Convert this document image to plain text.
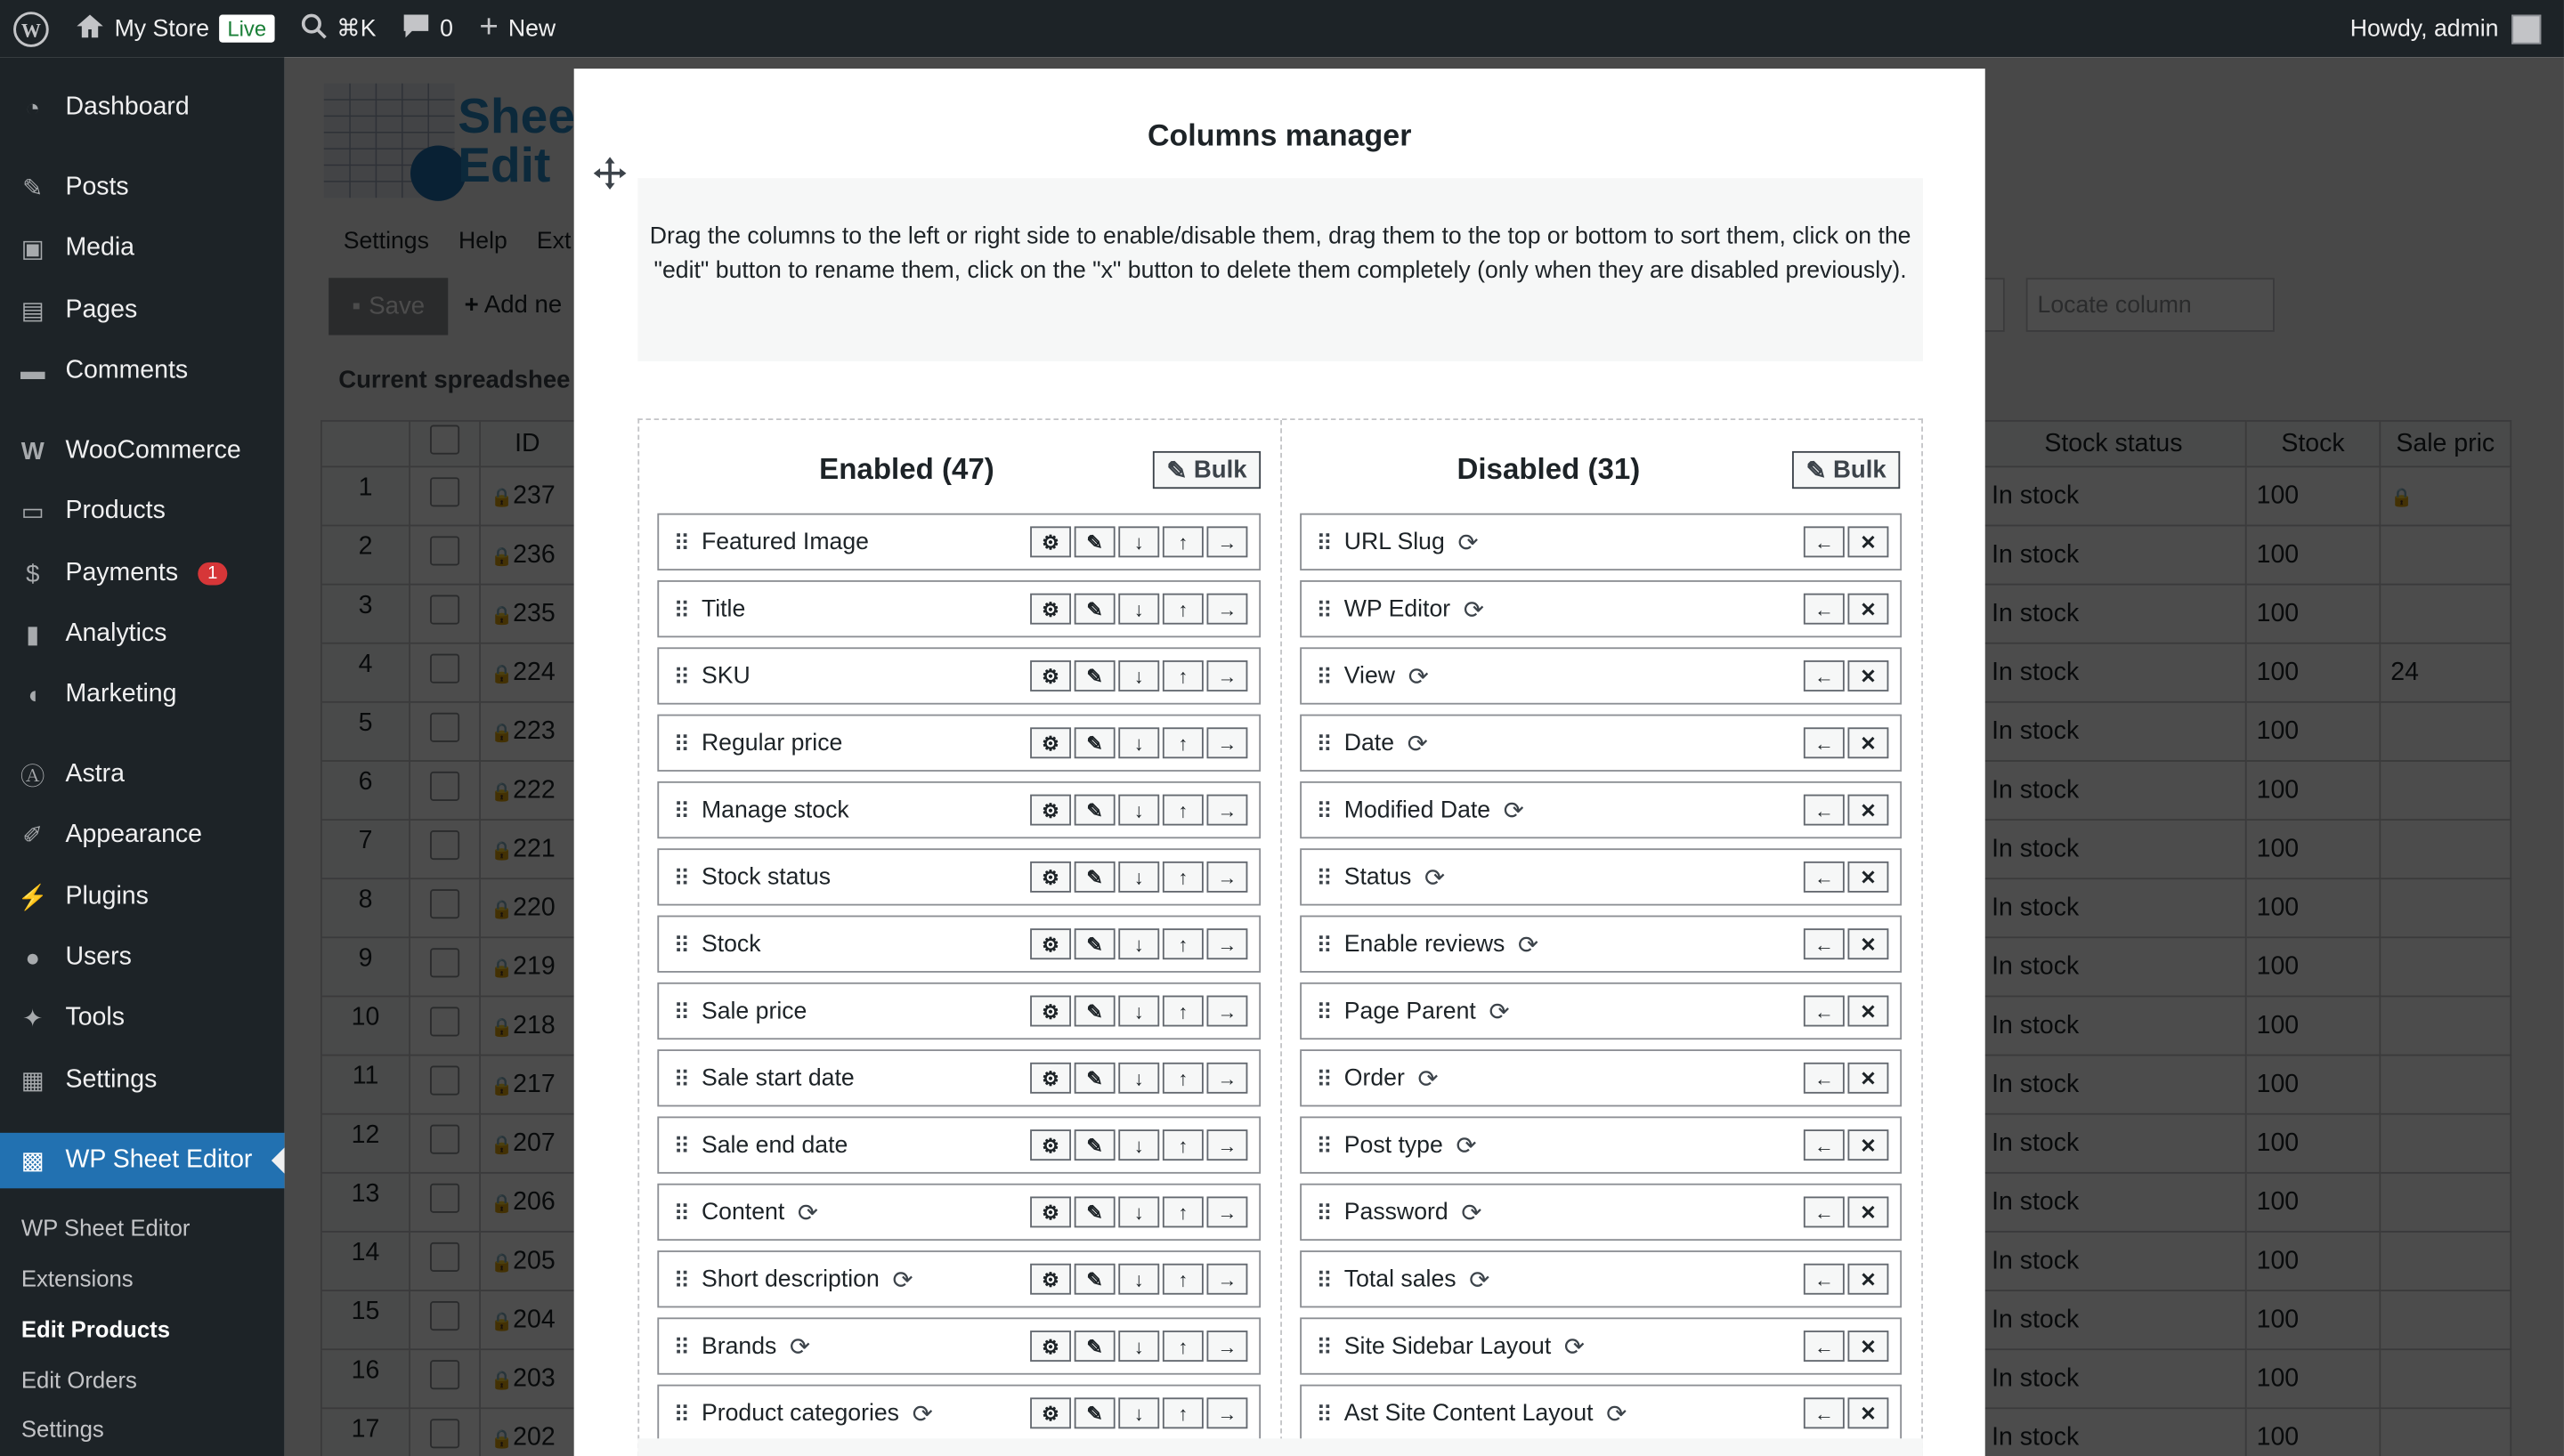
W	My Store	Live	⌘K	0 + New	Howdy, admin
◔	Dashboard
✎	Posts
▣	Media
▤	Pages
▬ Comments
W	WooCommerce
▭	Products
$	Payments	1
▮	Analytics
◖	Marketing
Ⓐ Astra
✐	Appearance
⚡ Plugins
●	Users
✦	Tools
▦	Settings
▩	WP Sheet Editor
WP Sheet Editor
Extensions
Edit Products
Edit Orders
Settings

Columns manager
Drag the columns to the left or right side to enable/disable them, drag them to the top or bottom to sort them, click on the "edit" button to rename them, click on the "x" button to delete them completely (only when they are disabled previously).
Enabled (47)	✎ Bulk	Disabled (31)	✎ Bulk
⠿	Featured Image	⚙	✎	↓	↑	→
⠿	Title	⚙	✎	↓	↑	→
⠿	SKU	⚙	✎	↓	↑	→
⠿	Regular price	⚙	✎	↓	↑	→
⠿	Manage stock	⚙	✎	↓	↑	→
⠿	Stock status	⚙	✎	↓	↑	→
⠿	Stock	⚙	✎	↓	↑	→
⠿	Sale price	⚙	✎	↓	↑	→
⠿	Sale start date	⚙	✎	↓	↑	→
⠿	Sale end date	⚙	✎	↓	↑	→
⠿	Content ⟳	⚙	✎	↓	↑	→
⠿	Short description ⟳	⚙	✎	↓	↑	→
⠿	Brands ⟳	⚙	✎	↓	↑	→
⠿	Product categories ⟳	⚙	✎	↓	↑	→
⠿	URL Slug ⟳	←	✕
⠿	WP Editor ⟳	←	✕
⠿	View ⟳	←	✕
⠿	Date ⟳	←	✕
⠿	Modified Date ⟳	←	✕
⠿	Status ⟳	←	✕
⠿	Enable reviews ⟳	←	✕
⠿	Page Parent ⟳	←	✕
⠿	Order ⟳	←	✕
⠿	Post type ⟳	←	✕
⠿	Password ⟳	←	✕
⠿	Total sales ⟳	←	✕
⠿	Site Sidebar Layout ⟳	←	✕
⠿	Ast Site Content Layout ⟳	←	✕
